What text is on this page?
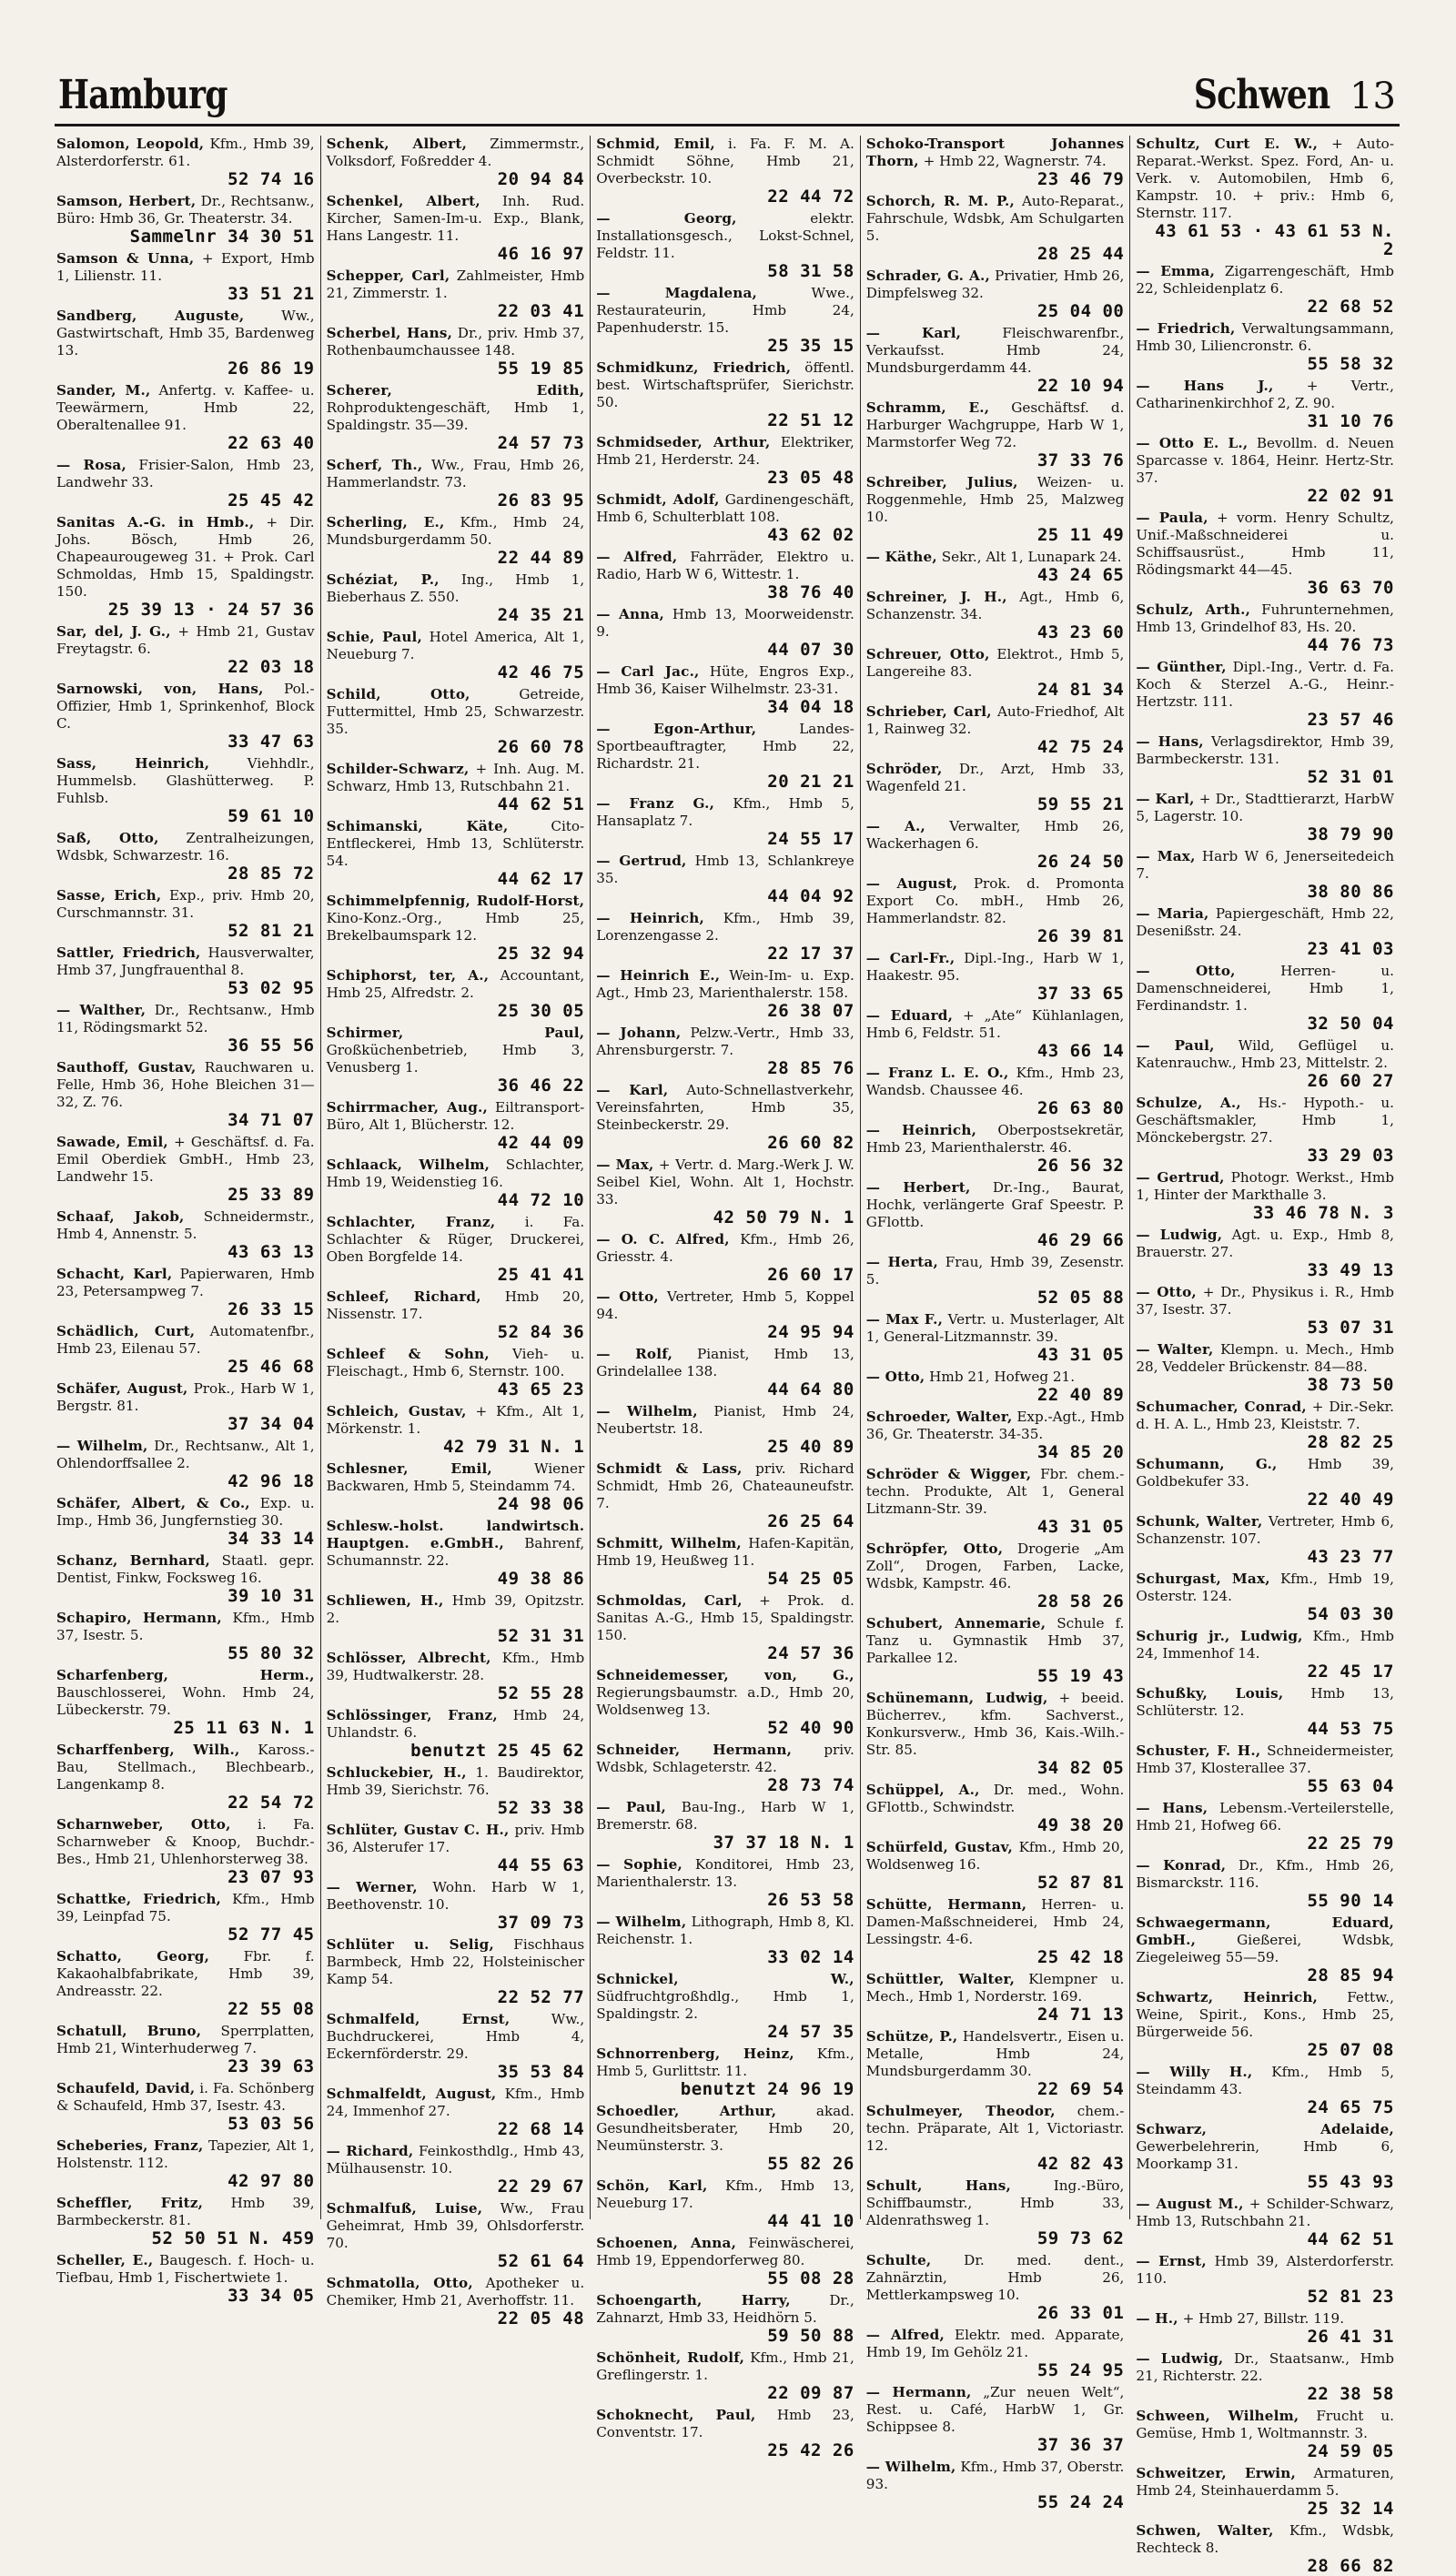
Hamburg	Schwen 13
Salomon, Leopold, Kfm., Hmb 39, Alsterdorferstr. 61.
52 74 16
Samson, Herbert, Dr., Rechtsanw., Büro: Hmb 36, Gr. Theaterstr. 34.
Sammelnr 34 30 51
Samson & Unna, + Export, Hmb 1, Lilienstr. 11.
33 51 21
Sandberg, Auguste,	Ww., Gastwirtschaft, Hmb 35, Bardenweg 13.
26 86 19
Sander, M., Anfertg. v. Kaffee- u. Teewärmern, Hmb 22, Oberaltenallee 91.
22 63 40
— Rosa, Frisier-Salon, Hmb 23, Landwehr 33.
25 45 42
Sanitas A.-G. in Hmb., + Dir. Johs. Bösch, Hmb 26, Chapeaurougeweg 31. + Prok. Carl Schmoldas, Hmb 15, Spaldingstr. 150.
25 39 13 · 24 57 36
Sar, del, J. G., + Hmb 21, Gustav Freytagstr. 6.
22 03 18
Sarnowski, von, Hans, Pol.-Offizier, Hmb 1, Sprinkenhof, Block C.
33 47 63
Sass, Heinrich,	Viehhdlr., Hummelsb. Glashütterweg. P. Fuhlsb.
59 61 10
Saß, Otto, Zentralheizungen, Wdsbk, Schwarzestr. 16.
28 85 72
Sasse, Erich, Exp., priv. Hmb 20, Curschmannstr. 31.
52 81 21
Sattler, Friedrich, Hausverwalter, Hmb 37, Jungfrauenthal 8.
53 02 95
— Walther, Dr., Rechtsanw., Hmb 11, Rödingsmarkt 52.
36 55 56
Sauthoff, Gustav, Rauchwaren u. Felle, Hmb 36, Hohe Bleichen 31—32, Z. 76.
34 71 07
Sawade, Emil, + Geschäftsf. d. Fa. Emil Oberdiek GmbH., Hmb 23, Landwehr 15.
25 33 89
Schaaf, Jakob, Schneidermstr., Hmb 4, Annenstr. 5.
43 63 13
Schacht, Karl, Papierwaren, Hmb 23, Petersampweg 7.
26 33 15
Schädlich, Curt, Automatenfbr., Hmb 23, Eilenau 57.
25 46 68
Schäfer, August, Prok., Harb W 1, Bergstr. 81.
37 34 04
— Wilhelm, Dr., Rechtsanw., Alt 1, Ohlendorffsallee 2.
42 96 18
Schäfer, Albert, & Co., Exp. u. Imp., Hmb 36, Jungfernstieg 30.
34 33 14
Schanz, Bernhard, Staatl. gepr. Dentist, Finkw, Focksweg 16.
39 10 31
Schapiro, Hermann, Kfm., Hmb 37, Isestr. 5.
55 80 32
Scharfenberg, Herm., Bauschlosserei, Wohn. Hmb 24, Lübeckerstr. 79.
25 11 63 N. 1
Scharffenberg, Wilh., Kaross.-Bau, Stellmach., Blechbearb., Langenkamp 8.
22 54 72
Scharnweber, Otto, i. Fa. Scharnweber & Knoop, Buchdr.-Bes., Hmb 21, Uhlenhorsterweg 38.
23 07 93
Schattke, Friedrich, Kfm., Hmb 39, Leinpfad 75.
52 77 45
Schatto, Georg, Fbr. f. Kakaohalbfabrikate, Hmb 39, Andreasstr. 22.
22 55 08
Schatull, Bruno, Sperrplatten, Hmb 21, Winterhuderweg 7.
23 39 63
Schaufeld, David, i. Fa. Schönberg & Schaufeld, Hmb 37, Isestr. 43.
53 03 56
Scheberies, Franz, Tapezier, Alt 1, Holstenstr. 112.
42 97 80
Scheffler, Fritz, Hmb 39, Barmbeckerstr. 81.
52 50 51 N. 459
Scheller, E., Baugesch. f. Hoch- u. Tiefbau, Hmb 1, Fischertwiete 1.
33 34 05
Schenk, Albert, Zimmermstr., Volksdorf, Foßredder 4.
20 94 84
Schenkel, Albert, Inh. Rud. Kircher, Samen-Im-u. Exp., Blank, Hans Langestr. 11.
46 16 97
Schepper, Carl, Zahlmeister, Hmb 21, Zimmerstr. 1.
22 03 41
Scherbel, Hans, Dr., priv. Hmb 37, Rothenbaumchaussee 148.
55 19 85
Scherer, Edith, Rohproduktengeschäft, Hmb 1, Spaldingstr. 35—39.
24 57 73
Scherf, Th., Ww., Frau, Hmb 26, Hammerlandstr. 73.
26 83 95
Scherling, E., Kfm., Hmb 24, Mundsburgerdamm 50.
22 44 89
Schéziat, P., Ing., Hmb 1, Bieberhaus Z. 550.
24 35 21
Schie, Paul, Hotel America, Alt 1, Neueburg 7.
42 46 75
Schild, Otto,	Getreide, Futtermittel, Hmb 25, Schwarzestr. 35.
26 60 78
Schilder-Schwarz, + Inh. Aug. M. Schwarz, Hmb 13, Rutschbahn 21.
44 62 51
Schimanski, Käte,	Cito-Entfleckerei, Hmb 13, Schlüterstr. 54.
44 62 17
Schimmelpfennig, Rudolf-Horst, Kino-Konz.-Org., Hmb 25, Brekelbaumspark 12.
25 32 94
Schiphorst, ter, A., Accountant, Hmb 25, Alfredstr. 2.
25 30 05
Schirmer, Paul, Großküchenbetrieb, Hmb 3, Venusberg 1.
36 46 22
Schirrmacher, Aug., Eiltransport-Büro, Alt 1, Blücherstr. 12.
42 44 09
Schlaack, Wilhelm, Schlachter, Hmb 19, Weidenstieg 16.
44 72 10
Schlachter, Franz, i. Fa. Schlachter & Rüger, Druckerei, Oben Borgfelde 14.
25 41 41
Schleef, Richard, Hmb 20, Nissenstr. 17.
52 84 36
Schleef & Sohn, Vieh- u. Fleischagt., Hmb 6, Sternstr. 100.
43 65 23
Schleich, Gustav, + Kfm., Alt 1, Mörkenstr. 1.
42 79 31 N. 1
Schlesner, Emil,	Wiener Backwaren, Hmb 5, Steindamm 74.
24 98 06
Schlesw.-holst. landwirtsch. Hauptgen. e.GmbH., Bahrenf, Schumannstr. 22.
49 38 86
Schliewen, H., Hmb 39, Opitzstr. 2.
52 31 31
Schlösser, Albrecht, Kfm., Hmb 39, Hudtwalkerstr. 28.
52 55 28
Schlössinger, Franz, Hmb 24, Uhlandstr. 6.
benutzt 25 45 62
Schluckebier, H., 1. Baudirektor, Hmb 39, Sierichstr. 76.
52 33 38
Schlüter, Gustav C. H., priv. Hmb 36, Alsterufer 17.
44 55 63
— Werner, Wohn. Harb W 1, Beethovenstr. 10.
37 09 73
Schlüter u. Selig, Fischhaus Barmbeck, Hmb 22, Holsteinischer Kamp 54.
22 52 77
Schmalfeld, Ernst,	Ww., Buchdruckerei, Hmb 4, Eckernförderstr. 29.
35 53 84
Schmalfeldt, August, Kfm., Hmb 24, Immenhof 27.
22 68 14
— Richard, Feinkosthdlg., Hmb 43, Mülhausenstr. 10.
22 29 67
Schmalfuß, Luise, Ww., Frau Geheimrat, Hmb 39, Ohlsdorferstr. 70.
52 61 64
Schmatolla, Otto, Apotheker u. Chemiker, Hmb 21, Averhoffstr. 11.
22 05 48
Schmid, Emil, i. Fa. F. M. A. Schmidt Söhne, Hmb 21, Overbeckstr. 10.
22 44 72
— Georg,	elektr. Installationsgesch., Lokst-Schnel, Feldstr. 11.
58 31 58
— Magdalena,	Wwe., Restaurateurin, Hmb 24, Papenhuderstr. 15.
25 35 15
Schmidkunz, Friedrich, öffentl. best. Wirtschaftsprüfer, Sierichstr. 50.
22 51 12
Schmidseder, Arthur, Elektriker, Hmb 21, Herderstr. 24.
23 05 48
Schmidt, Adolf, Gardinengeschäft, Hmb 6, Schulterblatt 108.
43 62 02
— Alfred, Fahrräder, Elektro u. Radio, Harb W 6, Wittestr. 1.
38 76 40
— Anna, Hmb 13, Moorweidenstr. 9.
44 07 30
— Carl Jac., Hüte, Engros Exp., Hmb 36, Kaiser Wilhelmstr. 23-31.
34 04 18
— Egon-Arthur,	Landes-Sportbeauftragter, Hmb 22, Richardstr. 21.
20 21 21
— Franz G., Kfm., Hmb 5, Hansaplatz 7.
24 55 17
— Gertrud, Hmb 13, Schlankreye 35.
44 04 92
— Heinrich, Kfm., Hmb 39, Lorenzengasse 2.
22 17 37
— Heinrich E., Wein-Im- u. Exp. Agt., Hmb 23, Marienthalerstr. 158.
26 38 07
— Johann, Pelzw.-Vertr., Hmb 33, Ahrensburgerstr. 7.
28 85 76
— Karl, Auto-Schnellastverkehr, Vereinsfahrten, Hmb 35, Steinbeckerstr. 29.
26 60 82
— Max, + Vertr. d. Marg.-Werk J. W. Seibel Kiel, Wohn. Alt 1, Hochstr. 33.
42 50 79 N. 1
— O. C. Alfred, Kfm., Hmb 26, Griesstr. 4.
26 60 17
— Otto, Vertreter, Hmb 5, Koppel 94.
24 95 94
— Rolf, Pianist, Hmb 13, Grindelallee 138.
44 64 80
— Wilhelm, Pianist, Hmb 24, Neubertstr. 18.
25 40 89
Schmidt & Lass, priv. Richard Schmidt, Hmb 26, Chateauneufstr. 7.
26 25 64
Schmitt, Wilhelm, Hafen-Kapitän, Hmb 19, Heußweg 11.
54 25 05
Schmoldas, Carl, + Prok. d. Sanitas A.-G., Hmb 15, Spaldingstr. 150.
24 57 36
Schneidemesser, von, G., Regierungsbaumstr. a.D., Hmb 20, Woldsenweg 13.
52 40 90
Schneider, Hermann, priv. Wdsbk, Schlageterstr. 42.
28 73 74
— Paul, Bau-Ing., Harb W 1, Bremerstr. 68.
37 37 18 N. 1
— Sophie, Konditorei, Hmb 23, Marienthalerstr. 13.
26 53 58
— Wilhelm, Lithograph, Hmb 8, Kl. Reichenstr. 1.
33 02 14
Schnickel, W., Südfruchtgroßhdlg., Hmb 1, Spaldingstr. 2.
24 57 35
Schnorrenberg, Heinz, Kfm., Hmb 5, Gurlittstr. 11.
benutzt 24 96 19
Schoedler, Arthur,	akad. Gesundheitsberater, Hmb 20, Neumünsterstr. 3.
55 82 26
Schön, Karl, Kfm., Hmb 13, Neueburg 17.
44 41 10
Schoenen, Anna, Feinwäscherei, Hmb 19, Eppendorferweg 80.
55 08 28
Schoengarth, Harry,	Dr., Zahnarzt, Hmb 33, Heidhörn 5.
59 50 88
Schönheit, Rudolf, Kfm., Hmb 21, Greflingerstr. 1.
22 09 87
Schoknecht, Paul, Hmb 23, Conventstr. 17.
25 42 26
Schoko-Transport Johannes Thorn, + Hmb 22, Wagnerstr. 74.
23 46 79
Schorch, R. M. P., Auto-Reparat., Fahrschule, Wdsbk, Am Schulgarten 5.
28 25 44
Schrader, G. A., Privatier, Hmb 26, Dimpfelsweg 32.
25 04 00
— Karl,	Fleischwarenfbr., Verkaufsst. Hmb 24, Mundsburgerdamm 44.
22 10 94
Schramm, E., Geschäftsf. d. Harburger Wachgruppe, Harb W 1, Marmstorfer Weg 72.
37 33 76
Schreiber, Julius, Weizen- u. Roggenmehle, Hmb 25, Malzweg 10.
25 11 49
— Käthe, Sekr., Alt 1, Lunapark 24.
43 24 65
Schreiner, J. H., Agt., Hmb 6, Schanzenstr. 34.
43 23 60
Schreuer, Otto, Elektrot., Hmb 5, Langereihe 83.
24 81 34
Schrieber, Carl, Auto-Friedhof, Alt 1, Rainweg 32.
42 75 24
Schröder, Dr., Arzt, Hmb 33, Wagenfeld 21.
59 55 21
— A., Verwalter, Hmb 26, Wackerhagen 6.
26 24 50
— August, Prok. d. Promonta Export Co. mbH., Hmb 26, Hammerlandstr. 82.
26 39 81
— Carl-Fr., Dipl.-Ing., Harb W 1, Haakestr. 95.
37 33 65
— Eduard, + „Ate“ Kühlanlagen, Hmb 6, Feldstr. 51.
43 66 14
— Franz L. E. O., Kfm., Hmb 23, Wandsb. Chaussee 46.
26 63 80
— Heinrich, Oberpostsekretär, Hmb 23, Marienthalerstr. 46.
26 56 32
— Herbert, Dr.-Ing., Baurat, Hochk, verlängerte Graf Speestr. P. GFlottb.
46 29 66
— Herta, Frau, Hmb 39, Zesenstr. 5.
52 05 88
— Max F., Vertr. u. Musterlager, Alt 1, General-Litzmannstr. 39.
43 31 05
— Otto, Hmb 21, Hofweg 21.
22 40 89
Schroeder, Walter, Exp.-Agt., Hmb 36, Gr. Theaterstr. 34-35.
34 85 20
Schröder & Wigger, Fbr. chem.-techn. Produkte, Alt 1, General Litzmann-Str. 39.
43 31 05
Schröpfer, Otto, Drogerie „Am Zoll“, Drogen, Farben, Lacke, Wdsbk, Kampstr. 46.
28 58 26
Schubert, Annemarie, Schule f. Tanz u. Gymnastik Hmb 37, Parkallee 12.
55 19 43
Schünemann, Ludwig, + beeid. Bücherrev., kfm. Sachverst., Konkursverw., Hmb 36, Kais.-Wilh.-Str. 85.
34 82 05
Schüppel, A., Dr. med., Wohn. GFlottb., Schwindstr.
49 38 20
Schürfeld, Gustav, Kfm., Hmb 20, Woldsenweg 16.
52 87 81
Schütte, Hermann, Herren- u. Damen-Maßschneiderei, Hmb 24, Lessingstr. 4-6.
25 42 18
Schüttler, Walter, Klempner u. Mech., Hmb 1, Norderstr. 169.
24 71 13
Schütze, P., Handelsvertr., Eisen u. Metalle, Hmb 24, Mundsburgerdamm 30.
22 69 54
Schulmeyer, Theodor, chem.-techn. Präparate, Alt 1, Victoriastr. 12.
42 82 43
Schult, Hans,	Ing.-Büro, Schiffbaumstr., Hmb 33, Aldenrathsweg 1.
59 73 62
Schulte, Dr. med. dent., Zahnärztin, Hmb 26, Mettlerkampsweg 10.
26 33 01
— Alfred, Elektr. med. Apparate, Hmb 19, Im Gehölz 21.
55 24 95
— Hermann, „Zur neuen Welt“, Rest. u. Café, HarbW 1, Gr. Schippsee 8.
37 36 37
— Wilhelm, Kfm., Hmb 37, Oberstr. 93.
55 24 24
Schultz, Curt E. W., + Auto-Reparat.-Werkst. Spez. Ford, An- u. Verk. v. Automobilen, Hmb 6, Kampstr. 10. + priv.: Hmb 6, Sternstr. 117.
43 61 53 · 43 61 53 N. 2
— Emma, Zigarrengeschäft, Hmb 22, Schleidenplatz 6.
22 68 52
— Friedrich, Verwaltungsammann, Hmb 30, Liliencronstr. 6.
55 58 32
— Hans J., + Vertr., Catharinenkirchhof 2, Z. 90.
31 10 76
— Otto E. L., Bevollm. d. Neuen Sparcasse v. 1864, Heinr. Hertz-Str. 37.
22 02 91
— Paula, + vorm. Henry Schultz, Unif.-Maßschneiderei u. Schiffsausrüst., Hmb 11, Rödingsmarkt 44—45.
36 63 70
Schulz, Arth., Fuhrunternehmen, Hmb 13, Grindelhof 83, Hs. 20.
44 76 73
— Günther, Dipl.-Ing., Vertr. d. Fa. Koch & Sterzel A.-G., Heinr.-Hertzstr. 111.
23 57 46
— Hans, Verlagsdirektor, Hmb 39, Barmbeckerstr. 131.
52 31 01
— Karl, + Dr., Stadttierarzt, HarbW 5, Lagerstr. 10.
38 79 90
— Max, Harb W 6, Jenerseitedeich 7.
38 80 86
— Maria, Papiergeschäft, Hmb 22, Desenißstr. 24.
23 41 03
— Otto,	Herren- u. Damenschneiderei, Hmb 1, Ferdinandstr. 1.
32 50 04
— Paul, Wild, Geflügel u. Katenrauchw., Hmb 23, Mittelstr. 2.
26 60 27
Schulze, A., Hs.- Hypoth.- u. Geschäftsmakler, Hmb 1, Mönckebergstr. 27.
33 29 03
— Gertrud, Photogr. Werkst., Hmb 1, Hinter der Markthalle 3.
33 46 78 N. 3
— Ludwig, Agt. u. Exp., Hmb 8, Brauerstr. 27.
33 49 13
— Otto, + Dr., Physikus i. R., Hmb 37, Isestr. 37.
53 07 31
— Walter, Klempn. u. Mech., Hmb 28, Veddeler Brückenstr. 84—88.
38 73 50
Schumacher, Conrad, + Dir.-Sekr. d. H. A. L., Hmb 23, Kleiststr. 7.
28 82 25
Schumann, G., Hmb 39, Goldbekufer 33.
22 40 49
Schunk, Walter, Vertreter, Hmb 6, Schanzenstr. 107.
43 23 77
Schurgast, Max, Kfm., Hmb 19, Osterstr. 124.
54 03 30
Schurig jr., Ludwig, Kfm., Hmb 24, Immenhof 14.
22 45 17
Schußky, Louis, Hmb 13, Schlüterstr. 12.
44 53 75
Schuster, F. H., Schneidermeister, Hmb 37, Klosterallee 37.
55 63 04
— Hans, Lebensm.-Verteilerstelle, Hmb 21, Hofweg 66.
22 25 79
— Konrad, Dr., Kfm., Hmb 26, Bismarckstr. 116.
55 90 14
Schwaegermann, Eduard, GmbH.,	Gießerei, Wdsbk, Ziegeleiweg 55—59.
28 85 94
Schwartz, Heinrich, Fettw., Weine, Spirit., Kons., Hmb 25, Bürgerweide 56.
25 07 08
— Willy H., Kfm., Hmb 5, Steindamm 43.
24 65 75
Schwarz, Adelaide, Gewerbelehrerin, Hmb 6, Moorkamp 31.
55 43 93
— August M., + Schilder-Schwarz, Hmb 13, Rutschbahn 21.
44 62 51
— Ernst, Hmb 39, Alsterdorferstr. 110.
52 81 23
— H., + Hmb 27, Billstr. 119.
26 41 31
— Ludwig, Dr., Staatsanw., Hmb 21, Richterstr. 22.
22 38 58
Schween, Wilhelm, Frucht u. Gemüse, Hmb 1, Woltmannstr. 3.
24 59 05
Schweitzer, Erwin, Armaturen, Hmb 24, Steinhauerdamm 5.
25 32 14
Schwen, Walter, Kfm., Wdsbk, Rechteck 8.
28 66 82
